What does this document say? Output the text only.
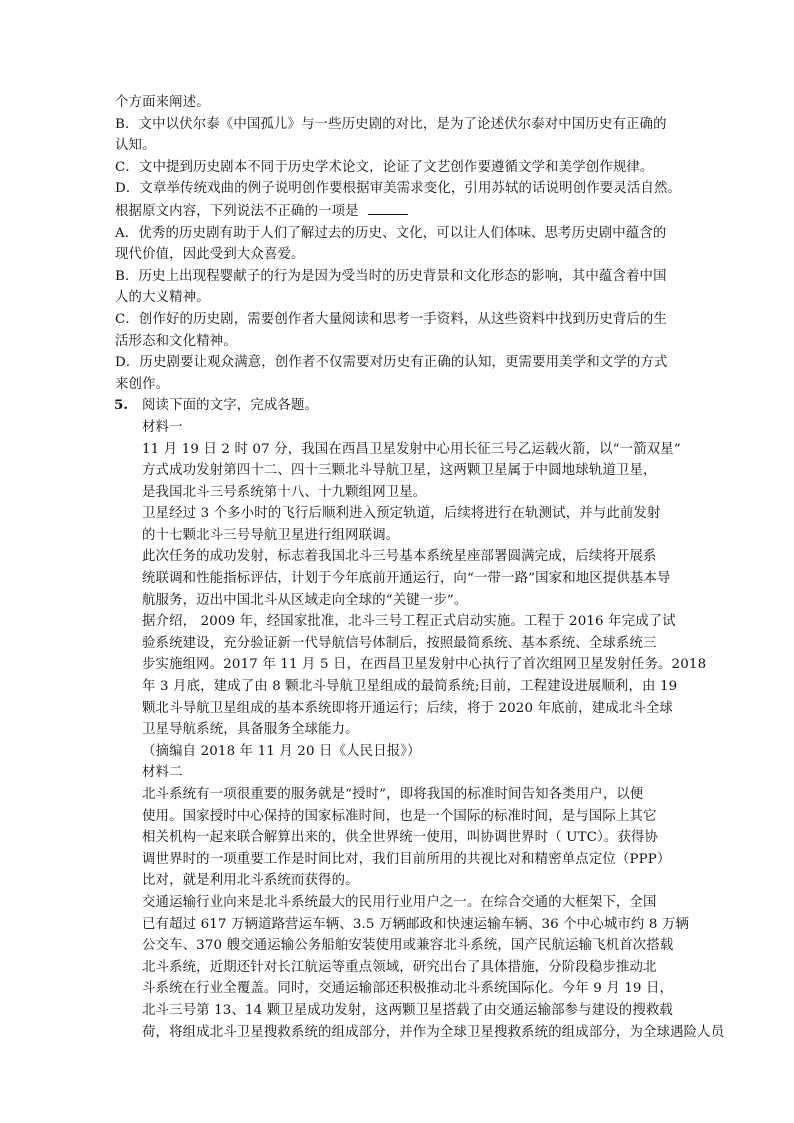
个方面来阐述。
B．文中以伏尔泰《中国孤儿》与一些历史剧的对比，是为了论述伏尔泰对中国历史有正确的
认知。
C．文中提到历史剧本不同于历史学术论文，论证了文艺创作要遵循文学和美学创作规律。
D．文章举传统戏曲的例子说明创作要根据审美需求变化，引用苏轼的话说明创作要灵活自然。
根据原文内容，下列说法不正确的一项是
A．优秀的历史剧有助于人们了解过去的历史、文化，可以让人们体味、思考历史剧中蕴含的
现代价值，因此受到大众喜爱。
B．历史上出现程婴献子的行为是因为受当时的历史背景和文化形态的影响，其中蕴含着中国
人的大义精神。
C．创作好的历史剧，需要创作者大量阅读和思考一手资料，从这些资料中找到历史背后的生
活形态和文化精神。
D．历史剧要让观众满意，创作者不仅需要对历史有正确的认知，更需要用美学和文学的方式
来创作。
5.	阅读下面的文字，完成各题。
材料一
11 月 19 日 2 时 07 分，我国在西昌卫星发射中心用长征三号乙运载火箭，以“一箭双星”
方式成功发射第四十二、四十三颗北斗导航卫星，这两颗卫星属于中圆地球轨道卫星，
是我国北斗三号系统第十八、十九颗组网卫星。
卫星经过 3 个多小时的飞行后顺利进入预定轨道，后续将进行在轨测试，并与此前发射
的十七颗北斗三号导航卫星进行组网联调。
此次任务的成功发射，标志着我国北斗三号基本系统星座部署圆满完成，后续将开展系
统联调和性能指标评估，计划于今年底前开通运行，向“一带一路”国家和地区提供基本导
航服务，迈出中国北斗从区域走向全球的“关键一步”。
据介绍， 2009 年，经国家批准，北斗三号工程正式启动实施。工程于 2016 年完成了试
验系统建设，充分验证新一代导航信号体制后，按照最简系统、基本系统、全球系统三
步实施组网。2017 年 11 月 5 日，在西昌卫星发射中心执行了首次组网卫星发射任务。2018
年 3 月底，建成了由 8 颗北斗导航卫星组成的最简系统;目前，工程建设进展顺利，由 19
颗北斗导航卫星组成的基本系统即将开通运行；后续，将于 2020 年底前，建成北斗全球
卫星导航系统，具备服务全球能力。
（摘编自 2018 年 11 月 20 日《人民日报》）
材料二
北斗系统有一项很重要的服务就是“授时”，即将我国的标准时间告知各类用户，以便
使用。国家授时中心保持的国家标准时间，也是一个国际的标准时间，是与国际上其它
相关机构一起来联合解算出来的，供全世界统一使用，叫协调世界时（ UTC）。获得协
调世界时的一项重要工作是时间比对，我们目前所用的共视比对和精密单点定位（PPP）
比对，就是利用北斗系统而获得的。
交通运输行业向来是北斗系统最大的民用行业用户之一。在综合交通的大框架下，全国
已有超过 617 万辆道路营运车辆、3.5 万辆邮政和快速运输车辆、36 个中心城市约 8 万辆
公交车、370 艘交通运输公务船舶安装使用或兼容北斗系统，国产民航运输飞机首次搭载
北斗系统，近期还针对长江航运等重点领域，研究出台了具体措施，分阶段稳步推动北
斗系统在行业全覆盖。同时，交通运输部还积极推动北斗系统国际化。今年 9 月 19 日，
北斗三号第 13、14 颗卫星成功发射，这两颗卫星搭载了由交通运输部参与建设的搜救载
荷，将组成北斗卫星搜救系统的组成部分，并作为全球卫星搜救系统的组成部分，为全球遇险人员
